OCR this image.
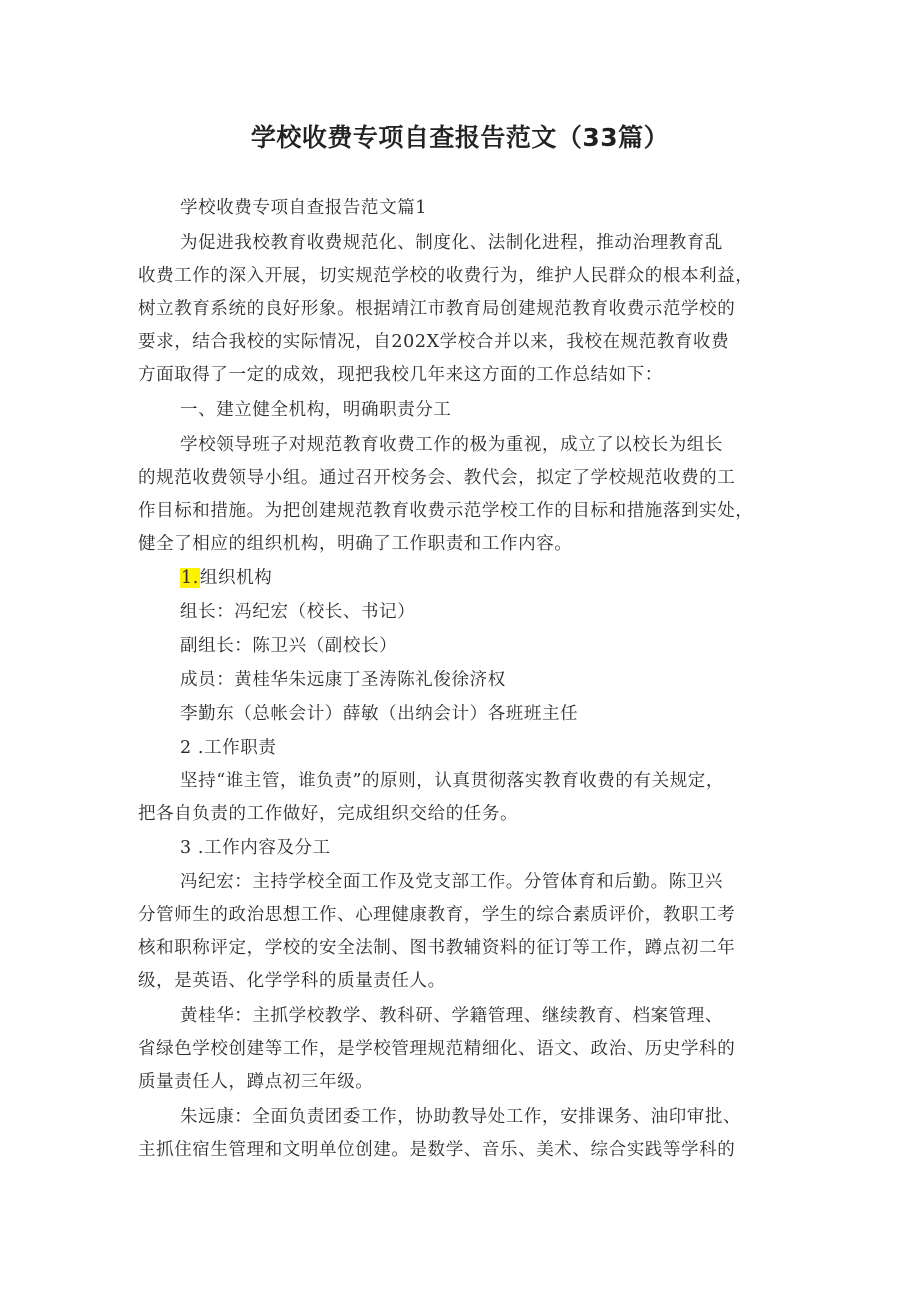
学校收费专项自查报告范文（33篇）
学校收费专项自查报告范文篇1
为促进我校教育收费规范化、制度化、法制化进程，推动治理教育乱
收费工作的深入开展，切实规范学校的收费行为，维护人民群众的根本利益，
树立教育系统的良好形象。根据靖江市教育局创建规范教育收费示范学校的
要求，结合我校的实际情况，自202X学校合并以来，我校在规范教育收费
方面取得了一定的成效，现把我校几年来这方面的工作总结如下：
一、建立健全机构，明确职责分工
学校领导班子对规范教育收费工作的极为重视，成立了以校长为组长
的规范收费领导小组。通过召开校务会、教代会，拟定了学校规范收费的工
作目标和措施。为把创建规范教育收费示范学校工作的目标和措施落到实处，
健全了相应的组织机构，明确了工作职责和工作内容。
1.组织机构
组长：冯纪宏（校长、书记）
副组长：陈卫兴（副校长）
成员：黄桂华朱远康丁圣涛陈礼俊徐济权
李勤东（总帐会计）薛敏（出纳会计）各班班主任
2 .工作职责
坚持“谁主管，谁负责”的原则，认真贯彻落实教育收费的有关规定，
把各自负责的工作做好，完成组织交给的任务。
3 .工作内容及分工
冯纪宏：主持学校全面工作及党支部工作。分管体育和后勤。陈卫兴
分管师生的政治思想工作、心理健康教育，学生的综合素质评价，教职工考
核和职称评定，学校的安全法制、图书教辅资料的征订等工作，蹲点初二年
级，是英语、化学学科的质量责任人。
黄桂华：主抓学校教学、教科研、学籍管理、继续教育、档案管理、
省绿色学校创建等工作，是学校管理规范精细化、语文、政治、历史学科的
质量责任人，蹲点初三年级。
朱远康：全面负责团委工作，协助教导处工作，安排课务、油印审批、
主抓住宿生管理和文明单位创建。是数学、音乐、美术、综合实践等学科的
